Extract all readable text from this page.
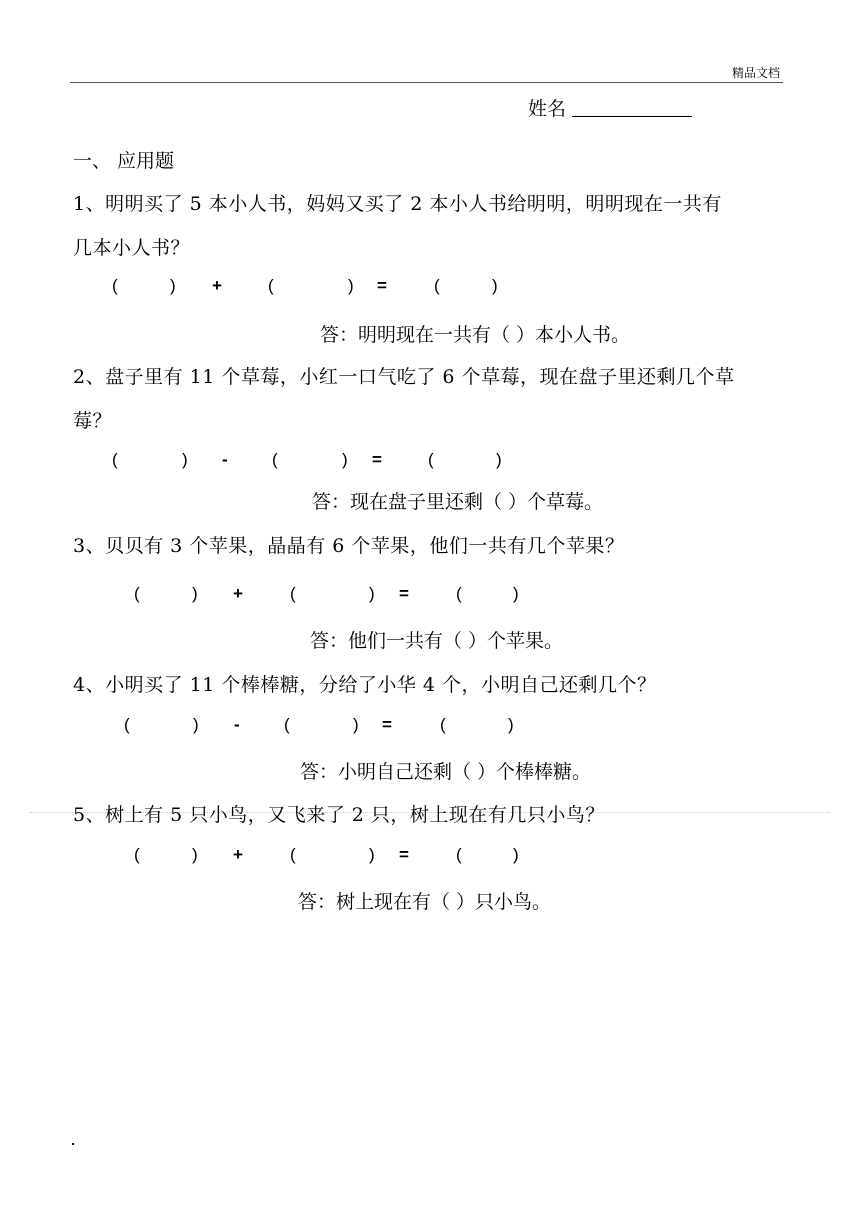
精品文档
姓名
一、 应用题
1、明明买了 5 本小人书，妈妈又买了 2 本小人书给明明，明明现在一共有
几本小人书？
(	) +	(	) =	(	)
答：明明现在一共有（ ）本小人书。
2、盘子里有 11 个草莓，小红一口气吃了 6 个草莓，现在盘子里还剩几个草
莓？
(	) -	(	) =	(	)
答：现在盘子里还剩（ ）个草莓。
3、贝贝有 3 个苹果，晶晶有 6 个苹果，他们一共有几个苹果？
(	) +	(	) =	(	)
答：他们一共有（ ）个苹果。
4、小明买了 11 个棒棒糖，分给了小华 4 个，小明自己还剩几个？
(	) -	(	) =	(	)
答：小明自己还剩（ ）个棒棒糖。
5、树上有 5 只小鸟，又飞来了 2 只，树上现在有几只小鸟？
(	) +	(	) =	(	)
答：树上现在有（ ）只小鸟。
